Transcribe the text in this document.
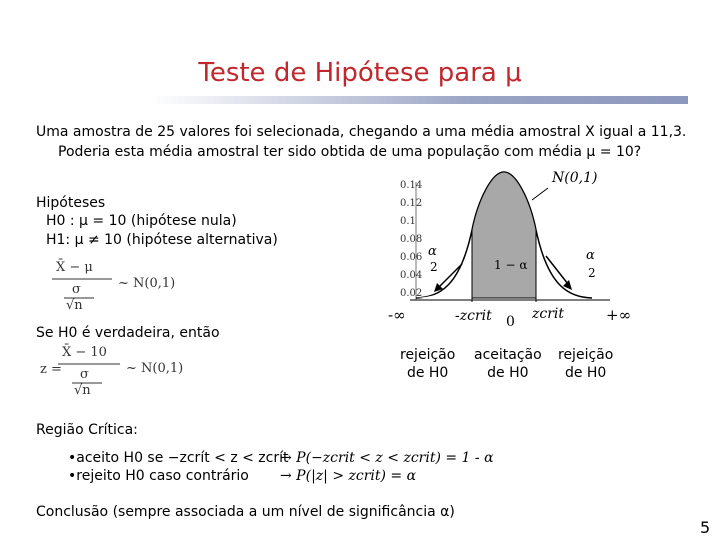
Teste de Hipótese para μ
Uma amostra de 25 valores foi selecionada, chegando a uma média amostral X igual a 11,3.
Poderia esta média amostral ter sido obtida de uma população com média μ = 10?
Hipóteses
H0 : μ = 10 (hipótese nula)
H1: μ ≠ 10 (hipótese alternativa)
X̄ − μ
σ
√n
~ N(0,1)
Se H0 é verdadeira, então
z =
X̄ − 10
σ
√n
~ N(0,1)
0.14
0.12
0.1
0.08
0.06
0.04
0.02
N(0,1)
α
2
α
2
1 − α
-∞	-zcrit 0 zcrit	+∞
rejeição
de H0
aceitação
de H0
rejeição
de H0
Região Crítica:
•aceito H0 se −zcrít < z < zcrít
•rejeito H0 caso contrário
→ P(−zcrit < z < zcrit) = 1 - α
→ P(|z| > zcrit) = α
Conclusão (sempre associada a um nível de significância α)
5
